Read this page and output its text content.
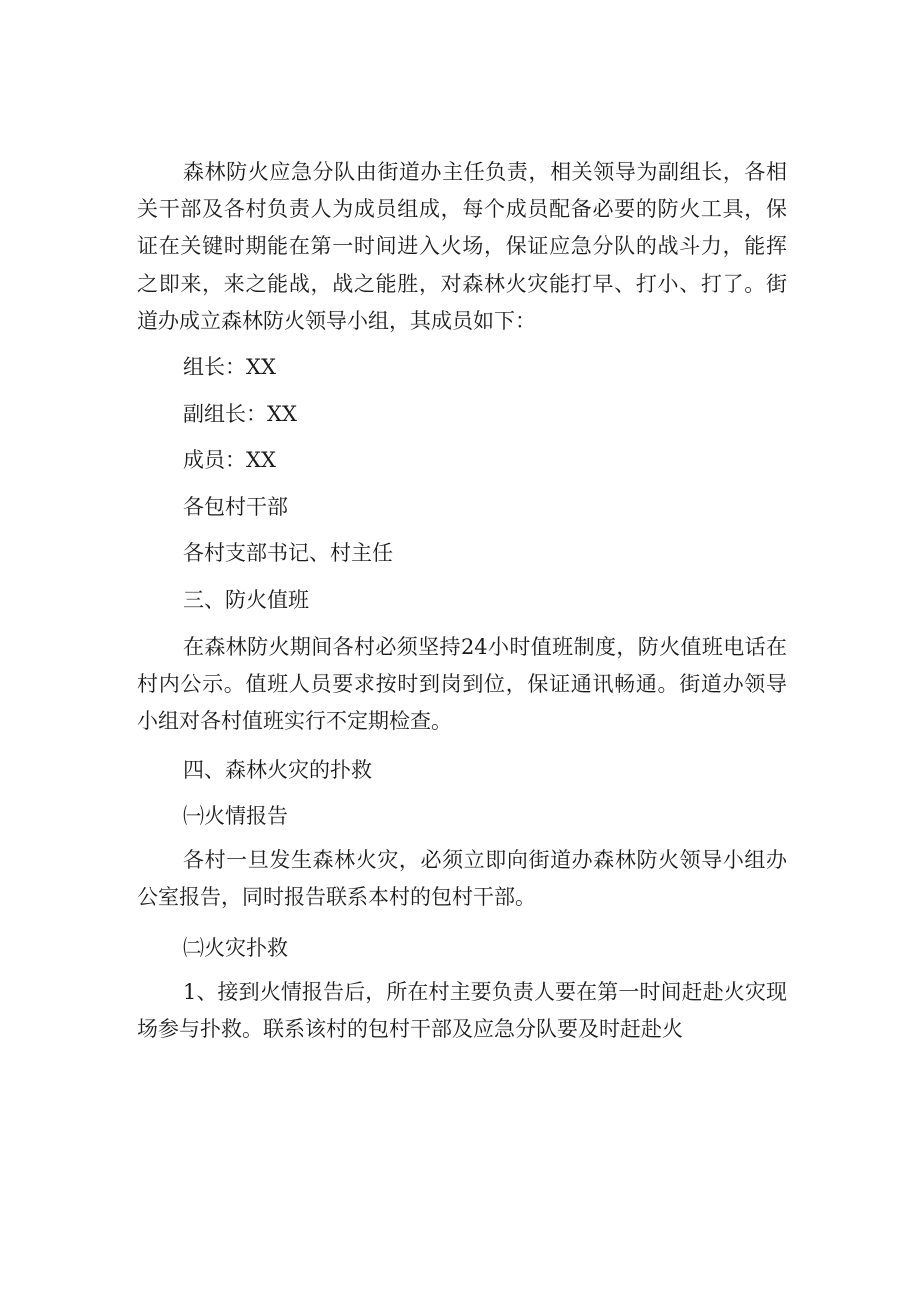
森林防火应急分队由街道办主任负责，相关领导为副组长，各相关干部及各村负责人为成员组成，每个成员配备必要的防火工具，保证在关键时期能在第一时间进入火场，保证应急分队的战斗力，能挥之即来，来之能战，战之能胜，对森林火灾能打早、打小、打了。街道办成立森林防火领导小组，其成员如下：

组长：XX

副组长：XX

成员：XX

各包村干部

各村支部书记、村主任

三、防火值班

在森林防火期间各村必须坚持24小时值班制度，防火值班电话在村内公示。值班人员要求按时到岗到位，保证通讯畅通。街道办领导小组对各村值班实行不定期检查。

四、森林火灾的扑救

㈠火情报告

各村一旦发生森林火灾，必须立即向街道办森林防火领导小组办公室报告，同时报告联系本村的包村干部。

㈡火灾扑救

1、接到火情报告后，所在村主要负责人要在第一时间赶赴火灾现场参与扑救。联系该村的包村干部及应急分队要及时赶赴火
